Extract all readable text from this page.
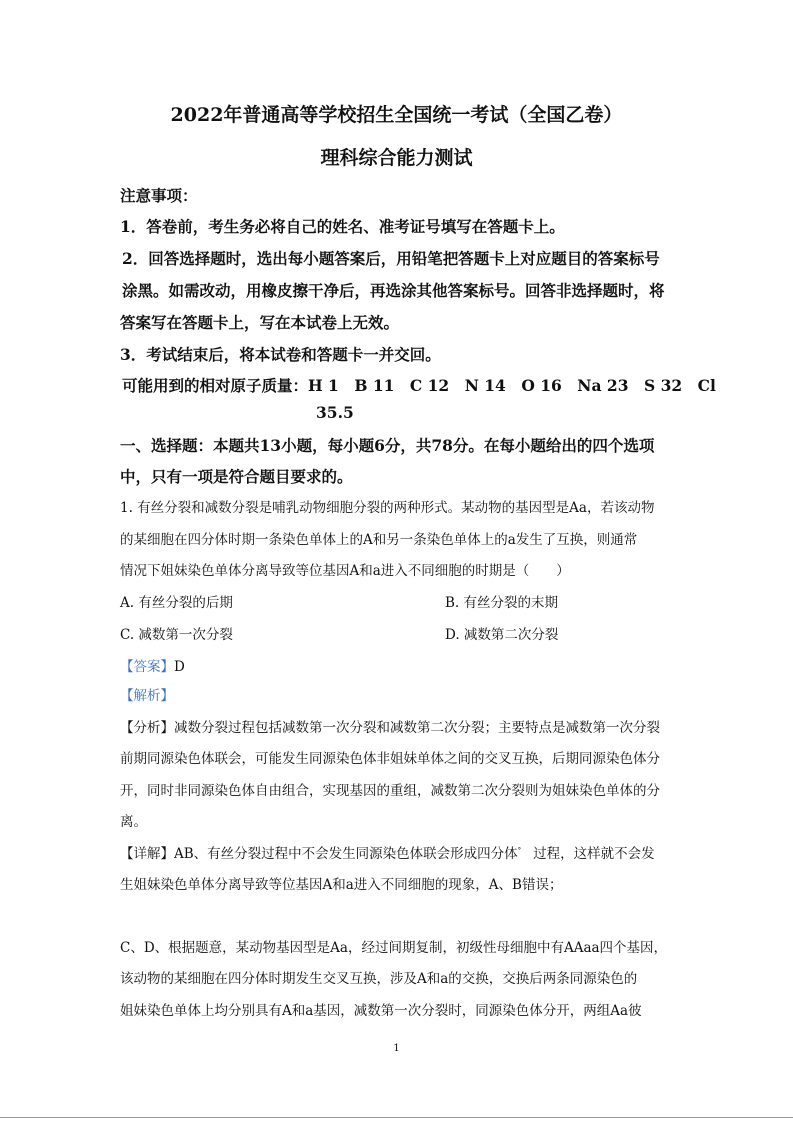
2022年普通高等学校招生全国统一考试（全国乙卷）
理科综合能力测试
注意事项：
1．答卷前，考生务必将自己的姓名、准考证号填写在答题卡上。
2．回答选择题时，选出每小题答案后，用铅笔把答题卡上对应题目的答案标号
涂黑。如需改动，用橡皮擦干净后，再选涂其他答案标号。回答非选择题时，将
答案写在答题卡上，写在本试卷上无效。
3．考试结束后，将本试卷和答题卡一并交回。
可能用到的相对原子质量：H 1　B 11　C 12　N 14　O 16　Na 23　S 32　Cl
35.5
一、选择题：本题共13小题，每小题6分，共78分。在每小题给出的四个选项
中，只有一项是符合题目要求的。
1. 有丝分裂和减数分裂是哺乳动物细胞分裂的两种形式。某动物的基因型是Aa，若该动物
的某细胞在四分体时期一条染色单体上的A和另一条染色单体上的a发生了互换，则通常
情况下姐妹染色单体分离导致等位基因A和a进入不同细胞的时期是（　　）
A. 有丝分裂的后期	B. 有丝分裂的末期
C. 减数第一次分裂	D. 减数第二次分裂
【答案】D
【解析】
【分析】减数分裂过程包括减数第一次分裂和减数第二次分裂；主要特点是减数第一次分裂
前期同源染色体联会，可能发生同源染色体非姐妹单体之间的交叉互换，后期同源染色体分
开，同时非同源染色体自由组合，实现基因的重组，减数第二次分裂则为姐妹染色单体的分
离。
【详解】AB、有丝分裂过程中不会发生同源染色体联会形成四分体° 过程，这样就不会发
生姐妹染色单体分离导致等位基因A和a进入不同细胞的现象，A、B错误；
C、D、根据题意，某动物基因型是Aa，经过间期复制，初级性母细胞中有AAaa四个基因，
该动物的某细胞在四分体时期发生交叉互换，涉及A和a的交换，交换后两条同源染色的
姐妹染色单体上均分别具有A和a基因，减数第一次分裂时，同源染色体分开，两组Aa彼
1
